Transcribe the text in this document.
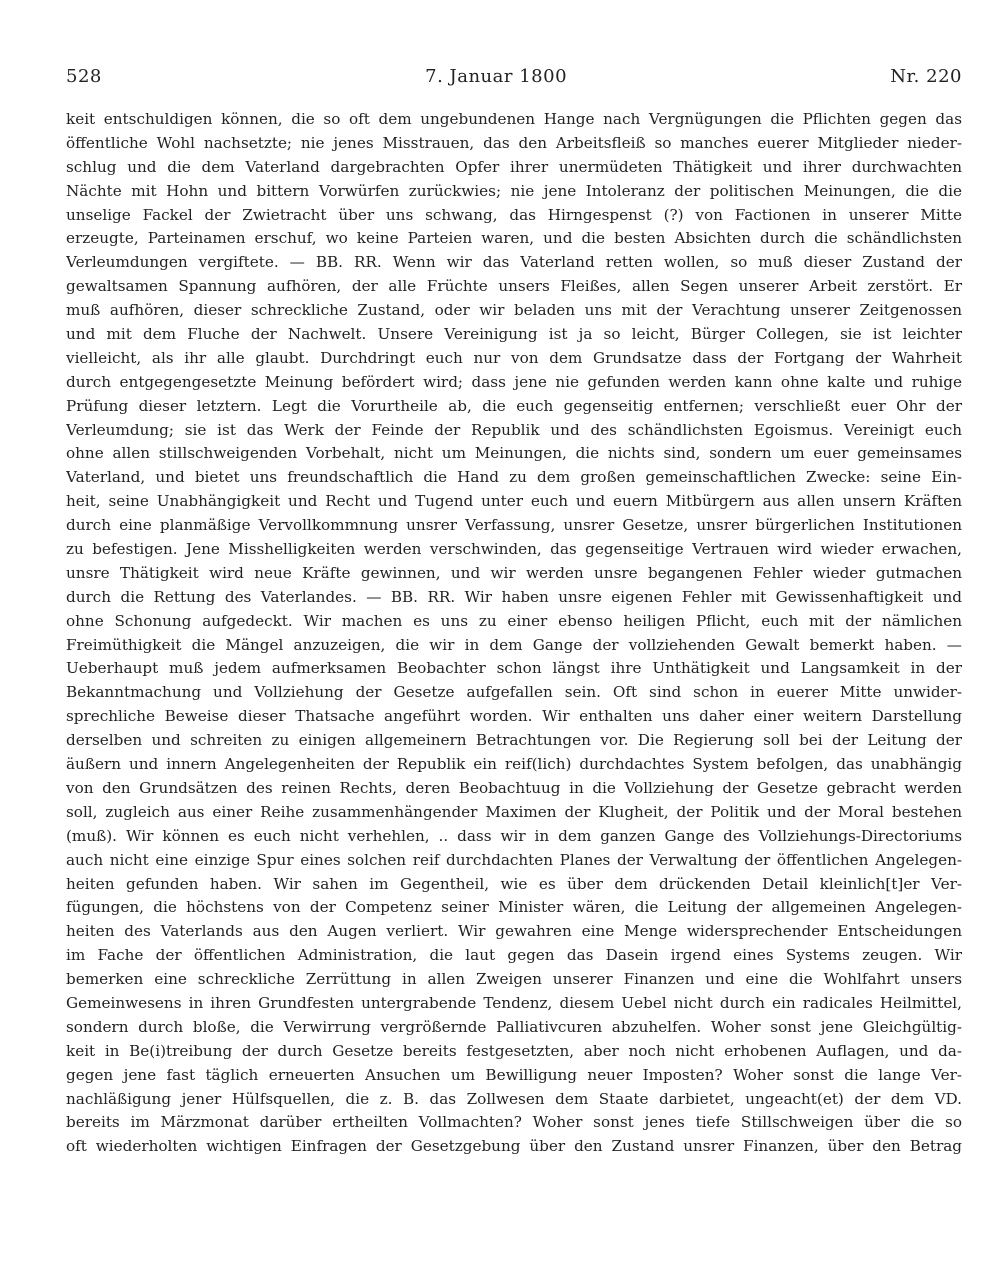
528	7. Januar 1800	Nr. 220
keit entschuldigen können, die so oft dem ungebundenen Hange nach Vergnügungen die Pflichten gegen das
öffentliche Wohl nachsetzte; nie jenes Misstrauen, das den Arbeitsfleiß so manches euerer Mitglieder nieder-
schlug und die dem Vaterland dargebrachten Opfer ihrer unermüdeten Thätigkeit und ihrer durchwachten
Nächte mit Hohn und bittern Vorwürfen zurückwies; nie jene Intoleranz der politischen Meinungen, die die
unselige Fackel der Zwietracht über uns schwang, das Hirngespenst (?) von Factionen in unserer Mitte
erzeugte, Parteinamen erschuf, wo keine Parteien waren, und die besten Absichten durch die schändlichsten
Verleumdungen vergiftete. — BB. RR. Wenn wir das Vaterland retten wollen, so muß dieser Zustand der
gewaltsamen Spannung aufhören, der alle Früchte unsers Fleißes, allen Segen unserer Arbeit zerstört. Er
muß aufhören, dieser schreckliche Zustand, oder wir beladen uns mit der Verachtung unserer Zeitgenossen
und mit dem Fluche der Nachwelt. Unsere Vereinigung ist ja so leicht, Bürger Collegen, sie ist leichter
vielleicht, als ihr alle glaubt. Durchdringt euch nur von dem Grundsatze dass der Fortgang der Wahrheit
durch entgegengesetzte Meinung befördert wird; dass jene nie gefunden werden kann ohne kalte und ruhige
Prüfung dieser letztern. Legt die Vorurtheile ab, die euch gegenseitig entfernen; verschließt euer Ohr der
Verleumdung; sie ist das Werk der Feinde der Republik und des schändlichsten Egoismus. Vereinigt euch
ohne allen stillschweigenden Vorbehalt, nicht um Meinungen, die nichts sind, sondern um euer gemeinsames
Vaterland, und bietet uns freundschaftlich die Hand zu dem großen gemeinschaftlichen Zwecke: seine Ein-
heit, seine Unabhängigkeit und Recht und Tugend unter euch und euern Mitbürgern aus allen unsern Kräften
durch eine planmäßige Vervollkommnung unsrer Verfassung, unsrer Gesetze, unsrer bürgerlichen Institutionen
zu befestigen. Jene Misshelligkeiten werden verschwinden, das gegenseitige Vertrauen wird wieder erwachen,
unsre Thätigkeit wird neue Kräfte gewinnen, und wir werden unsre begangenen Fehler wieder gutmachen
durch die Rettung des Vaterlandes. — BB. RR. Wir haben unsre eigenen Fehler mit Gewissenhaftigkeit und
ohne Schonung aufgedeckt. Wir machen es uns zu einer ebenso heiligen Pflicht, euch mit der nämlichen
Freimüthigkeit die Mängel anzuzeigen, die wir in dem Gange der vollziehenden Gewalt bemerkt haben. —
Ueberhaupt muß jedem aufmerksamen Beobachter schon längst ihre Unthätigkeit und Langsamkeit in der
Bekanntmachung und Vollziehung der Gesetze aufgefallen sein. Oft sind schon in euerer Mitte unwider-
sprechliche Beweise dieser Thatsache angeführt worden. Wir enthalten uns daher einer weitern Darstellung
derselben und schreiten zu einigen allgemeinern Betrachtungen vor. Die Regierung soll bei der Leitung der
äußern und innern Angelegenheiten der Republik ein reif(lich) durchdachtes System befolgen, das unabhängig
von den Grundsätzen des reinen Rechts, deren Beobachtuug in die Vollziehung der Gesetze gebracht werden
soll, zugleich aus einer Reihe zusammenhängender Maximen der Klugheit, der Politik und der Moral bestehen
(muß). Wir können es euch nicht verhehlen, .. dass wir in dem ganzen Gange des Vollziehungs-Directoriums
auch nicht eine einzige Spur eines solchen reif durchdachten Planes der Verwaltung der öffentlichen Angelegen-
heiten gefunden haben. Wir sahen im Gegentheil, wie es über dem drückenden Detail kleinlich[t]er Ver-
fügungen, die höchstens von der Competenz seiner Minister wären, die Leitung der allgemeinen Angelegen-
heiten des Vaterlands aus den Augen verliert. Wir gewahren eine Menge widersprechender Entscheidungen
im Fache der öffentlichen Administration, die laut gegen das Dasein irgend eines Systems zeugen. Wir
bemerken eine schreckliche Zerrüttung in allen Zweigen unserer Finanzen und eine die Wohlfahrt unsers
Gemeinwesens in ihren Grundfesten untergrabende Tendenz, diesem Uebel nicht durch ein radicales Heilmittel,
sondern durch bloße, die Verwirrung vergrößernde Palliativcuren abzuhelfen. Woher sonst jene Gleichgültig-
keit in Be(i)treibung der durch Gesetze bereits festgesetzten, aber noch nicht erhobenen Auflagen, und da-
gegen jene fast täglich erneuerten Ansuchen um Bewilligung neuer Imposten? Woher sonst die lange Ver-
nachläßigung jener Hülfsquellen, die z. B. das Zollwesen dem Staate darbietet, ungeacht(et) der dem VD.
bereits im Märzmonat darüber ertheilten Vollmachten? Woher sonst jenes tiefe Stillschweigen über die so
oft wiederholten wichtigen Einfragen der Gesetzgebung über den Zustand unsrer Finanzen, über den Betrag
